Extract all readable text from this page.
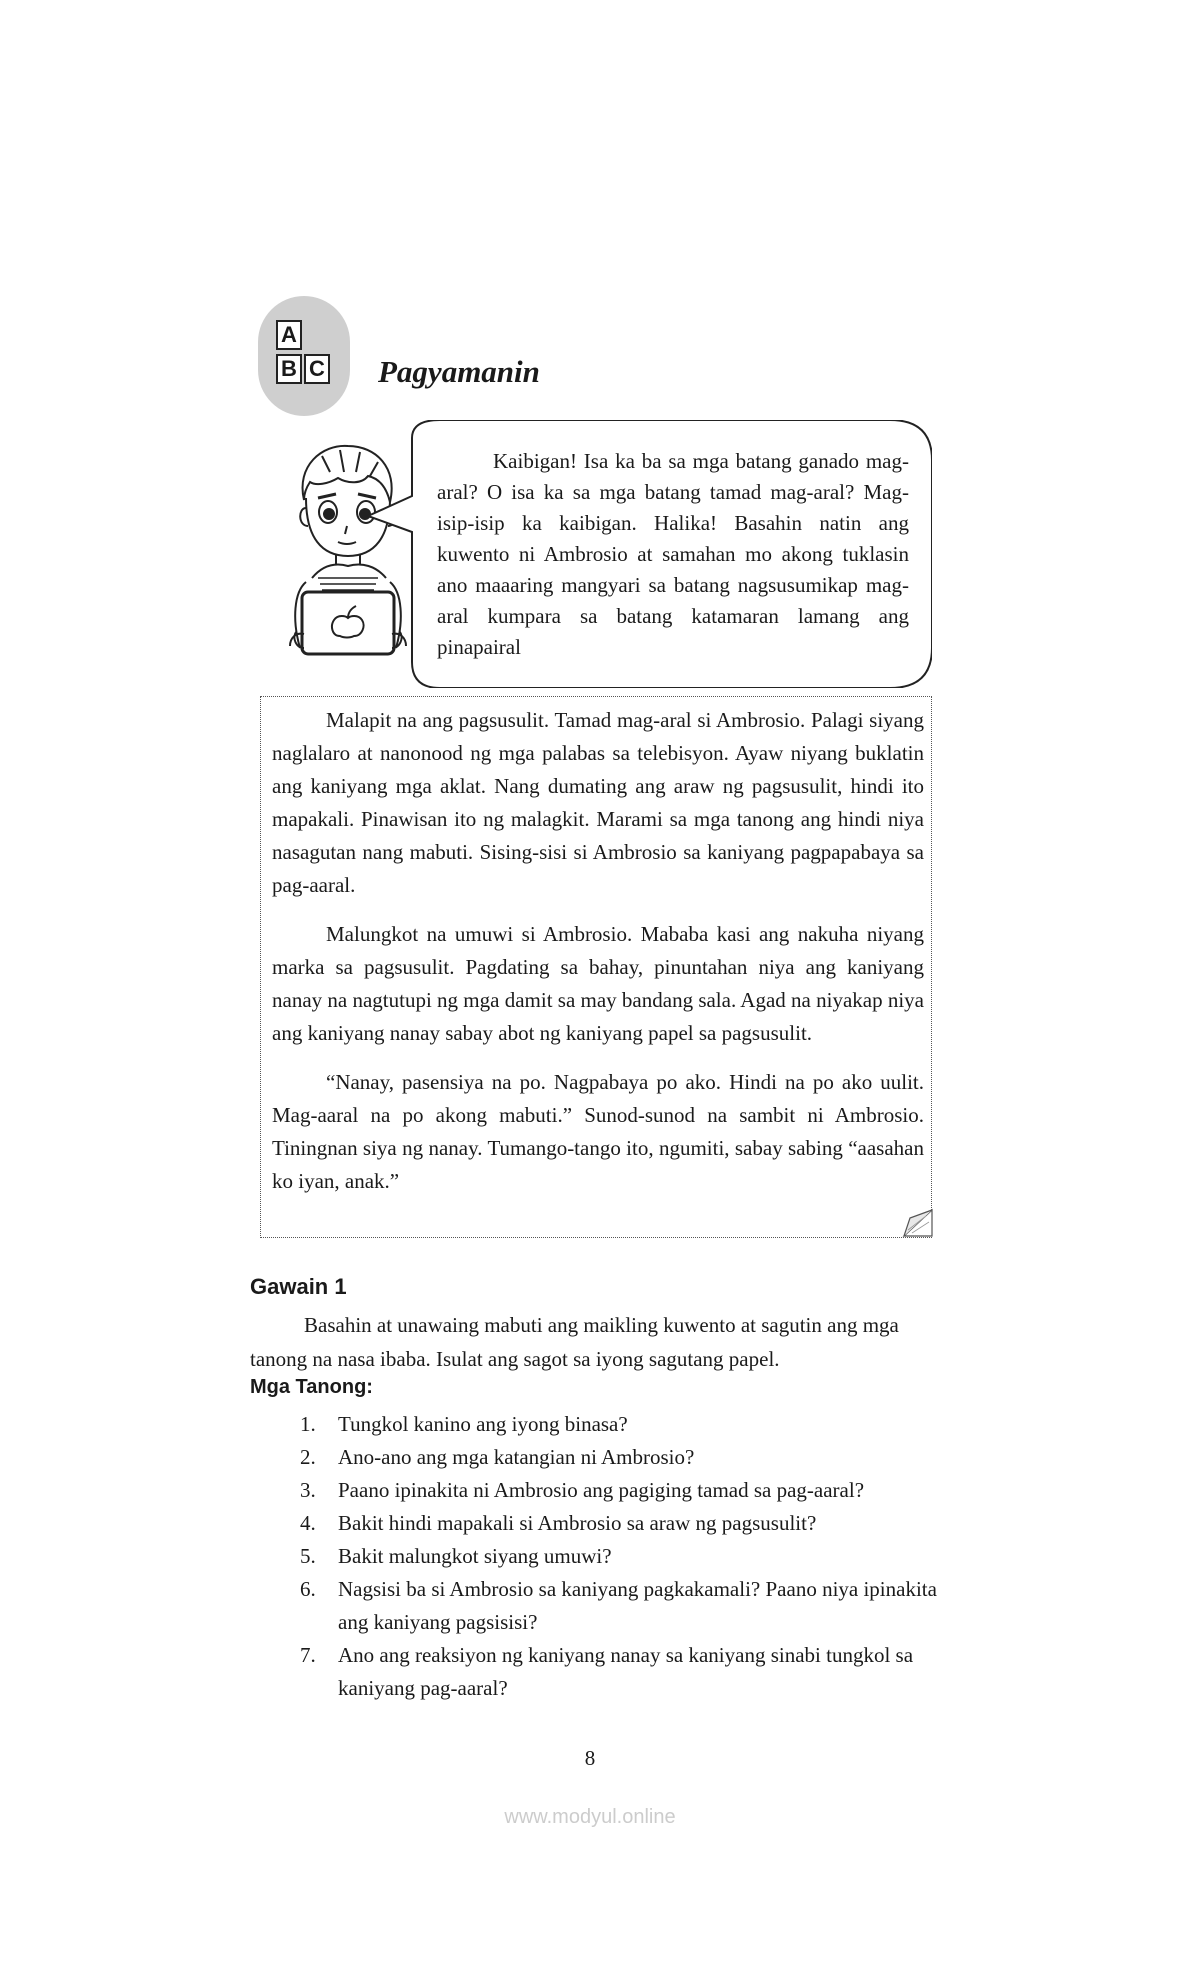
A
B C Pagyamanin
Kaibigan! Isa ka ba sa mga batang ganado mag-aral? O isa ka sa mga batang tamad mag-aral? Mag-isip-isip ka kaibigan. Halika! Basahin natin ang kuwento ni Ambrosio at samahan mo akong tuklasin ano maaaring mangyari sa batang nagsusumikap mag-aral kumpara sa batang katamaran lamang ang pinapairal

Malapit na ang pagsusulit. Tamad mag-aral si Ambrosio. Palagi siyang naglalaro at nanonood ng mga palabas sa telebisyon. Ayaw niyang buklatin ang kaniyang mga aklat. Nang dumating ang araw ng pagsusulit, hindi ito mapakali. Pinawisan ito ng malagkit. Marami sa mga tanong ang hindi niya nasagutan nang mabuti. Sising-sisi si Ambrosio sa kaniyang pagpapabaya sa pag-aaral.

Malungkot na umuwi si Ambrosio. Mababa kasi ang nakuha niyang marka sa pagsusulit. Pagdating sa bahay, pinuntahan niya ang kaniyang nanay na nagtutupi ng mga damit sa may bandang sala. Agad na niyakap niya ang kaniyang nanay sabay abot ng kaniyang papel sa pagsusulit.

“Nanay, pasensiya na po. Nagpabaya po ako. Hindi na po ako uulit. Mag-aaral na po akong mabuti.” Sunod-sunod na sambit ni Ambrosio. Tiningnan siya ng nanay. Tumango-tango ito, ngumiti, sabay sabing “aasahan ko iyan, anak.”

Gawain 1
Basahin at unawaing mabuti ang maikling kuwento at sagutin ang mga tanong na nasa ibaba. Isulat ang sagot sa iyong sagutang papel.
Mga Tanong:
1. Tungkol kanino ang iyong binasa?
2. Ano-ano ang mga katangian ni Ambrosio?
3. Paano ipinakita ni Ambrosio ang pagiging tamad sa pag-aaral?
4. Bakit hindi mapakali si Ambrosio sa araw ng pagsusulit?
5. Bakit malungkot siyang umuwi?
6. Nagsisi ba si Ambrosio sa kaniyang pagkakamali? Paano niya ipinakita ang kaniyang pagsisisi?
7. Ano ang reaksiyon ng kaniyang nanay sa kaniyang sinabi tungkol sa kaniyang pag-aaral?
8
www.modyul.online
